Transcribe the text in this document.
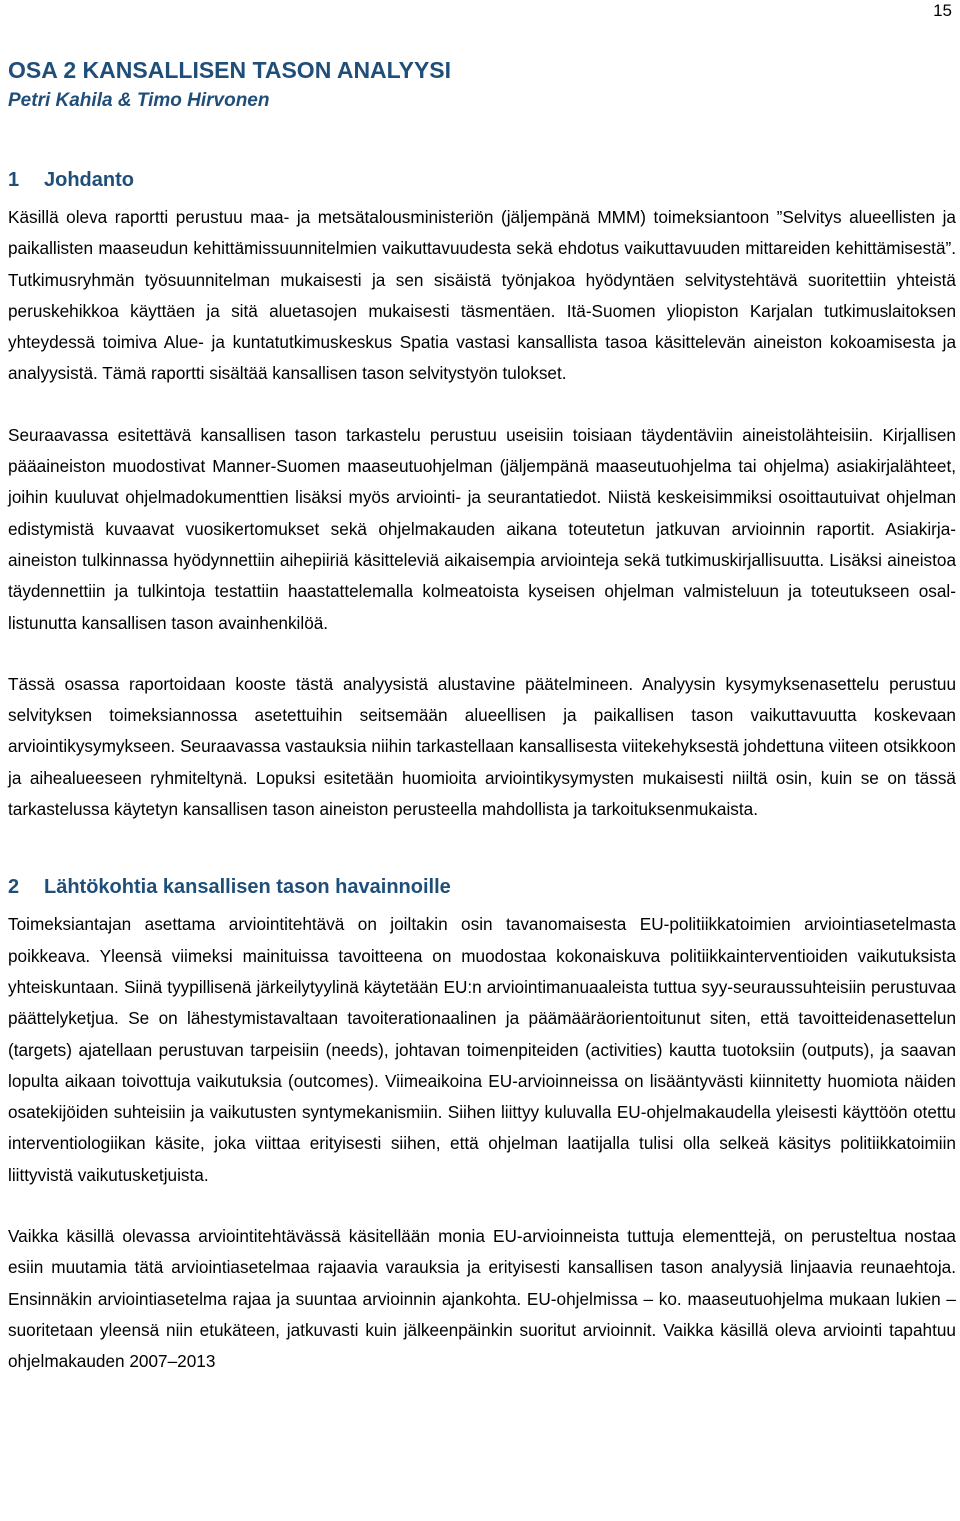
15
OSA 2 KANSALLISEN TASON ANALYYSI
Petri Kahila & Timo Hirvonen
1 Johdanto

Käsillä oleva raportti perustuu maa- ja metsätalousministeriön (jäljempänä MMM) toimeksiantoon ”Selvitys alueellisten ja paikallisten maaseudun kehittämissuunnitelmien vaikuttavuudesta sekä ehdotus vaikuttavuuden mittareiden kehittämisestä”. Tutkimusryhmän työsuunnitelman mukaisesti ja sen sisäistä työnjakoa hyödyntäen selvitystehtävä suoritettiin yhteistä peruskehikkoa käyttäen ja sitä aluetasojen mukaisesti täsmentäen. Itä-Suomen yliopiston Karjalan tutkimuslaitoksen yhteydessä toimiva Alue- ja kuntatutkimuskeskus Spatia vastasi kansallista tasoa käsittelevän aineiston kokoamisesta ja analyysistä. Tämä raportti sisältää kansallisen tason selvitystyön tulokset.

Seuraavassa esitettävä kansallisen tason tarkastelu perustuu useisiin toisiaan täydentäviin aineistolähteisiin. Kirjallisen pääaineiston muodostivat Manner-Suomen maaseutuohjelman (jäljempänä maaseutuohjelma tai ohjelma) asiakirjalähteet, joihin kuuluvat ohjelmadokumenttien lisäksi myös arviointi- ja seurantatiedot. Niistä keskeisimmiksi osoittautuivat ohjelman edistymistä kuvaavat vuosikertomukset sekä ohjelmakauden aikana toteutetun jatkuvan arvioinnin raportit. Asiakirja-aineiston tulkinnassa hyödynnettiin aihepiiriä käsitteleviä aikaisempia arviointeja sekä tutkimuskirjallisuutta. Lisäksi aineistoa täydennettiin ja tulkintoja testattiin haastattelemalla kolmeatoista kyseisen ohjelman valmisteluun ja toteutukseen osallistunutta kansallisen tason avainhenkilöä.

Tässä osassa raportoidaan kooste tästä analyysistä alustavine päätelmineen. Analyysin kysymyksenasettelu perustuu selvityksen toimeksiannossa asetettuihin seitsemään alueellisen ja paikallisen tason vaikuttavuutta koskevaan arviointikysymykseen. Seuraavassa vastauksia niihin tarkastellaan kansallisesta viitekehyksestä johdettuna viiteen otsikkoon ja aihealueeseen ryhmiteltynä. Lopuksi esitetään huomioita arviointikysymysten mukaisesti niiltä osin, kuin se on tässä tarkastelussa käytetyn kansallisen tason aineiston perusteella mahdollista ja tarkoituksenmukaista.

2 Lähtökohtia kansallisen tason havainnoille

Toimeksiantajan asettama arviointitehtävä on joiltakin osin tavanomaisesta EU-politiikkatoimien arviointiasetelmasta poikkeava. Yleensä viimeksi mainituissa tavoitteena on muodostaa kokonaiskuva politiikkainterventioiden vaikutuksista yhteiskuntaan. Siinä tyypillisenä järkeilytyylinä käytetään EU:n arviointimanuaaleista tuttua syy-seuraussuhteisiin perustuvaa päättelyketjua. Se on lähestymistavaltaan tavoiterationaalinen ja päämääräorientoitunut siten, että tavoitteidenasettelun (targets) ajatellaan perustuvan tarpeisiin (needs), johtavan toimenpiteiden (activities) kautta tuotoksiin (outputs), ja saavan lopulta aikaan toivottuja vaikutuksia (outcomes). Viimeaikoina EU-arvioinneissa on lisääntyvästi kiinnitetty huomiota näiden osatekijöiden suhteisiin ja vaikutusten syntymekanismiin. Siihen liittyy kuluvalla EU-ohjelmakaudella yleisesti käyttöön otettu interventiologiikan käsite, joka viittaa erityisesti siihen, että ohjelman laatijalla tulisi olla selkeä käsitys politiikkatoimiin liittyvistä vaikutusketjuista.

Vaikka käsillä olevassa arviointitehtävässä käsitellään monia EU-arvioinneista tuttuja elementtejä, on perusteltua nostaa esiin muutamia tätä arviointiasetelmaa rajaavia varauksia ja erityisesti kansallisen tason analyysiä linjaavia reunaehtoja. Ensinnäkin arviointiasetelma rajaa ja suuntaa arvioinnin ajankohta. EU-ohjelmissa – ko. maaseutuohjelma mukaan lukien – suoritetaan yleensä niin etukäteen, jatkuvasti kuin jälkeenpäinkin suoritut arvioinnit. Vaikka käsillä oleva arviointi tapahtuu ohjelmakauden 2007–2013
